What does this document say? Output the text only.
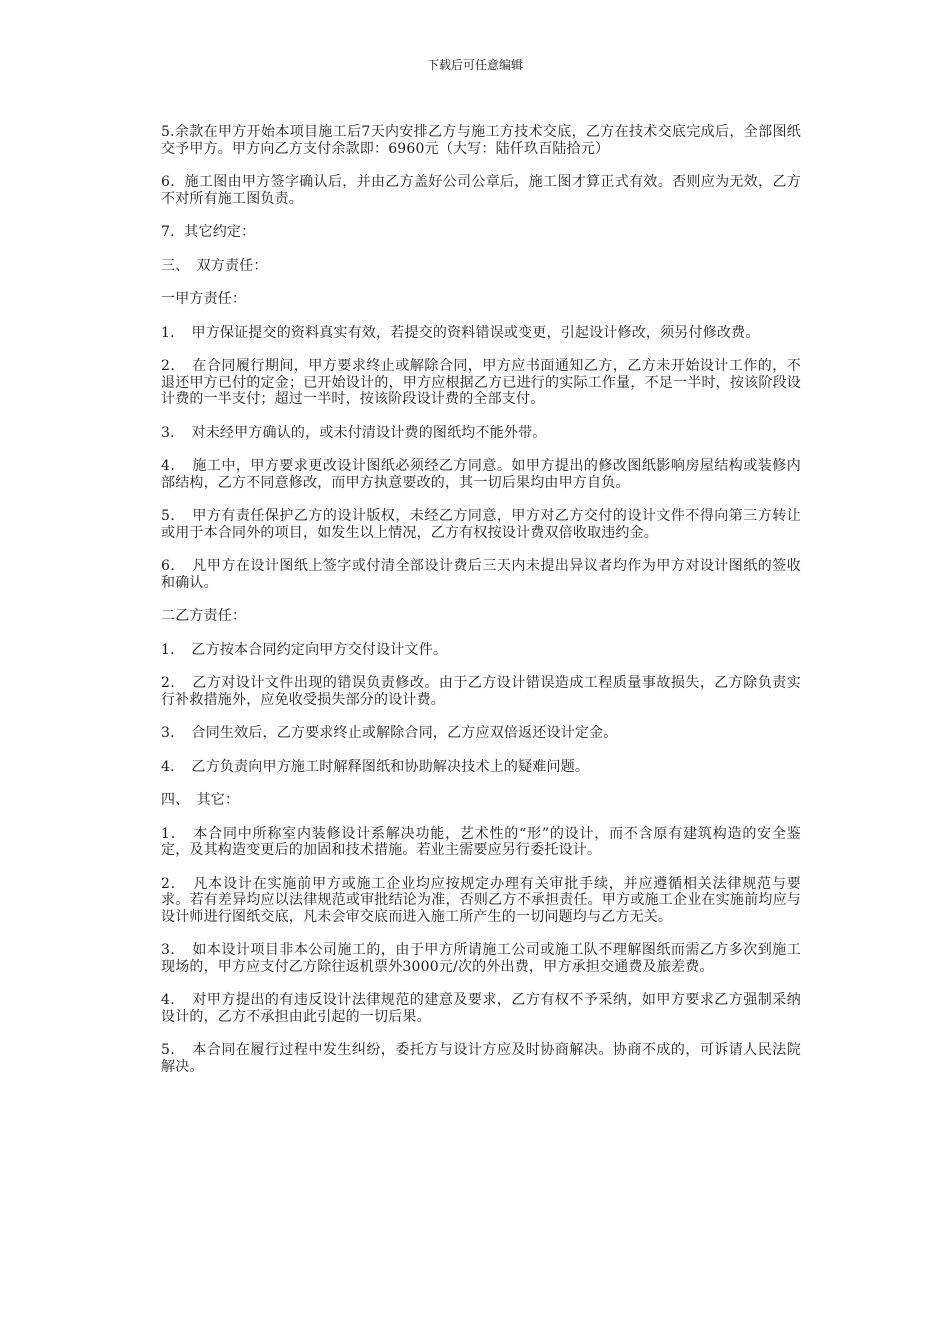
下载后可任意编辑

5.余款在甲方开始本项目施工后7天内安排乙方与施工方技术交底，乙方在技术交底完成后，全部图纸交予甲方。甲方向乙方支付余款即：6960元（大写：陆仟玖百陆拾元）

6．施工图由甲方签字确认后，并由乙方盖好公司公章后，施工图才算正式有效。否则应为无效，乙方不对所有施工图负责。

7．其它约定：

三、　双方责任：

一甲方责任：

1．　甲方保证提交的资料真实有效，若提交的资料错误或变更，引起设计修改，须另付修改费。

2．　在合同履行期间，甲方要求终止或解除合同，甲方应书面通知乙方，乙方未开始设计工作的，不退还甲方已付的定金；已开始设计的，甲方应根据乙方已进行的实际工作量，不足一半时，按该阶段设计费的一半支付；超过一半时，按该阶段设计费的全部支付。

3．　对未经甲方确认的，或未付清设计费的图纸均不能外带。

4．　施工中，甲方要求更改设计图纸必须经乙方同意。如甲方提出的修改图纸影响房屋结构或装修内部结构，乙方不同意修改，而甲方执意要改的，其一切后果均由甲方自负。

5．　甲方有责任保护乙方的设计版权，未经乙方同意，甲方对乙方交付的设计文件不得向第三方转让或用于本合同外的项目，如发生以上情况，乙方有权按设计费双倍收取违约金。

6．　凡甲方在设计图纸上签字或付清全部设计费后三天内未提出异议者均作为甲方对设计图纸的签收和确认。

二乙方责任：

1．　乙方按本合同约定向甲方交付设计文件。

2．　乙方对设计文件出现的错误负责修改。由于乙方设计错误造成工程质量事故损失，乙方除负责实行补救措施外，应免收受损失部分的设计费。

3．　合同生效后，乙方要求终止或解除合同，乙方应双倍返还设计定金。

4．　乙方负责向甲方施工时解释图纸和协助解决技术上的疑难问题。

四、　其它：

1．　本合同中所称室内装修设计系解决功能，艺术性的“形”的设计，而不含原有建筑构造的安全鉴定，及其构造变更后的加固和技术措施。若业主需要应另行委托设计。

2．　凡本设计在实施前甲方或施工企业均应按规定办理有关审批手续，并应遵循相关法律规范与要求。若有差异均应以法律规范或审批结论为准，否则乙方不承担责任。甲方或施工企业在实施前均应与设计师进行图纸交底，凡未会审交底而进入施工所产生的一切问题均与乙方无关。

3．　如本设计项目非本公司施工的，由于甲方所请施工公司或施工队不理解图纸而需乙方多次到施工现场的，甲方应支付乙方除往返机票外3000元/次的外出费，甲方承担交通费及旅差费。

4．　对甲方提出的有违反设计法律规范的建意及要求，乙方有权不予采纳，如甲方要求乙方强制采纳设计的，乙方不承担由此引起的一切后果。

5．　本合同在履行过程中发生纠纷，委托方与设计方应及时协商解决。协商不成的，可诉请人民法院解决。
